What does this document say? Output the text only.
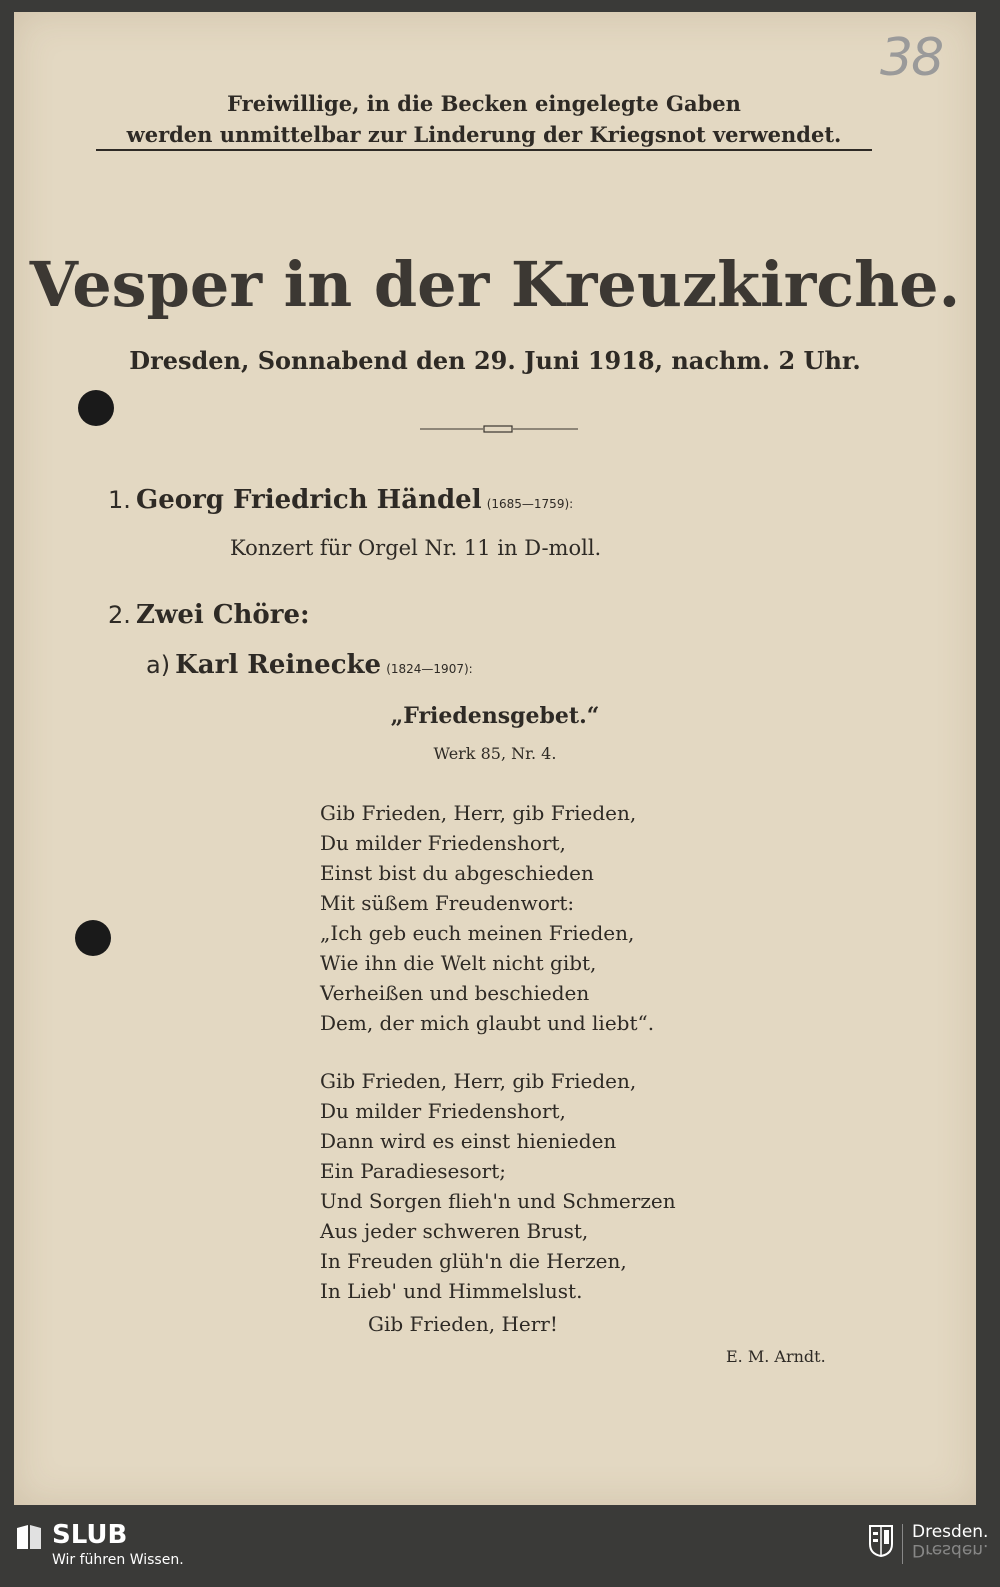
38
Freiwillige, in die Becken eingelegte Gaben
werden unmittelbar zur Linderung der Kriegsnot verwendet.
Vesper in der Kreuzkirche.
Dresden, Sonnabend den 29. Juni 1918, nachm. 2 Uhr.
1. Georg Friedrich Händel (1685—1759):
Konzert für Orgel Nr. 11 in D-moll.
2. Zwei Chöre:
a) Karl Reinecke (1824—1907):
„Friedensgebet.“
Werk 85, Nr. 4.
Gib Frieden, Herr, gib Frieden,
Du milder Friedenshort,
Einst bist du abgeschieden
Mit süßem Freudenwort:
„Ich geb euch meinen Frieden,
Wie ihn die Welt nicht gibt,
Verheißen und beschieden
Dem, der mich glaubt und liebt“.
Gib Frieden, Herr, gib Frieden,
Du milder Friedenshort,
Dann wird es einst hienieden
Ein Paradiesesort;
Und Sorgen flieh'n und Schmerzen
Aus jeder schweren Brust,
In Freuden glüh'n die Herzen,
In Lieb' und Himmelslust.
Gib Frieden, Herr!
E. M. Arndt.
SLUB
Wir führen Wissen.
Dresden.
Dresden.
